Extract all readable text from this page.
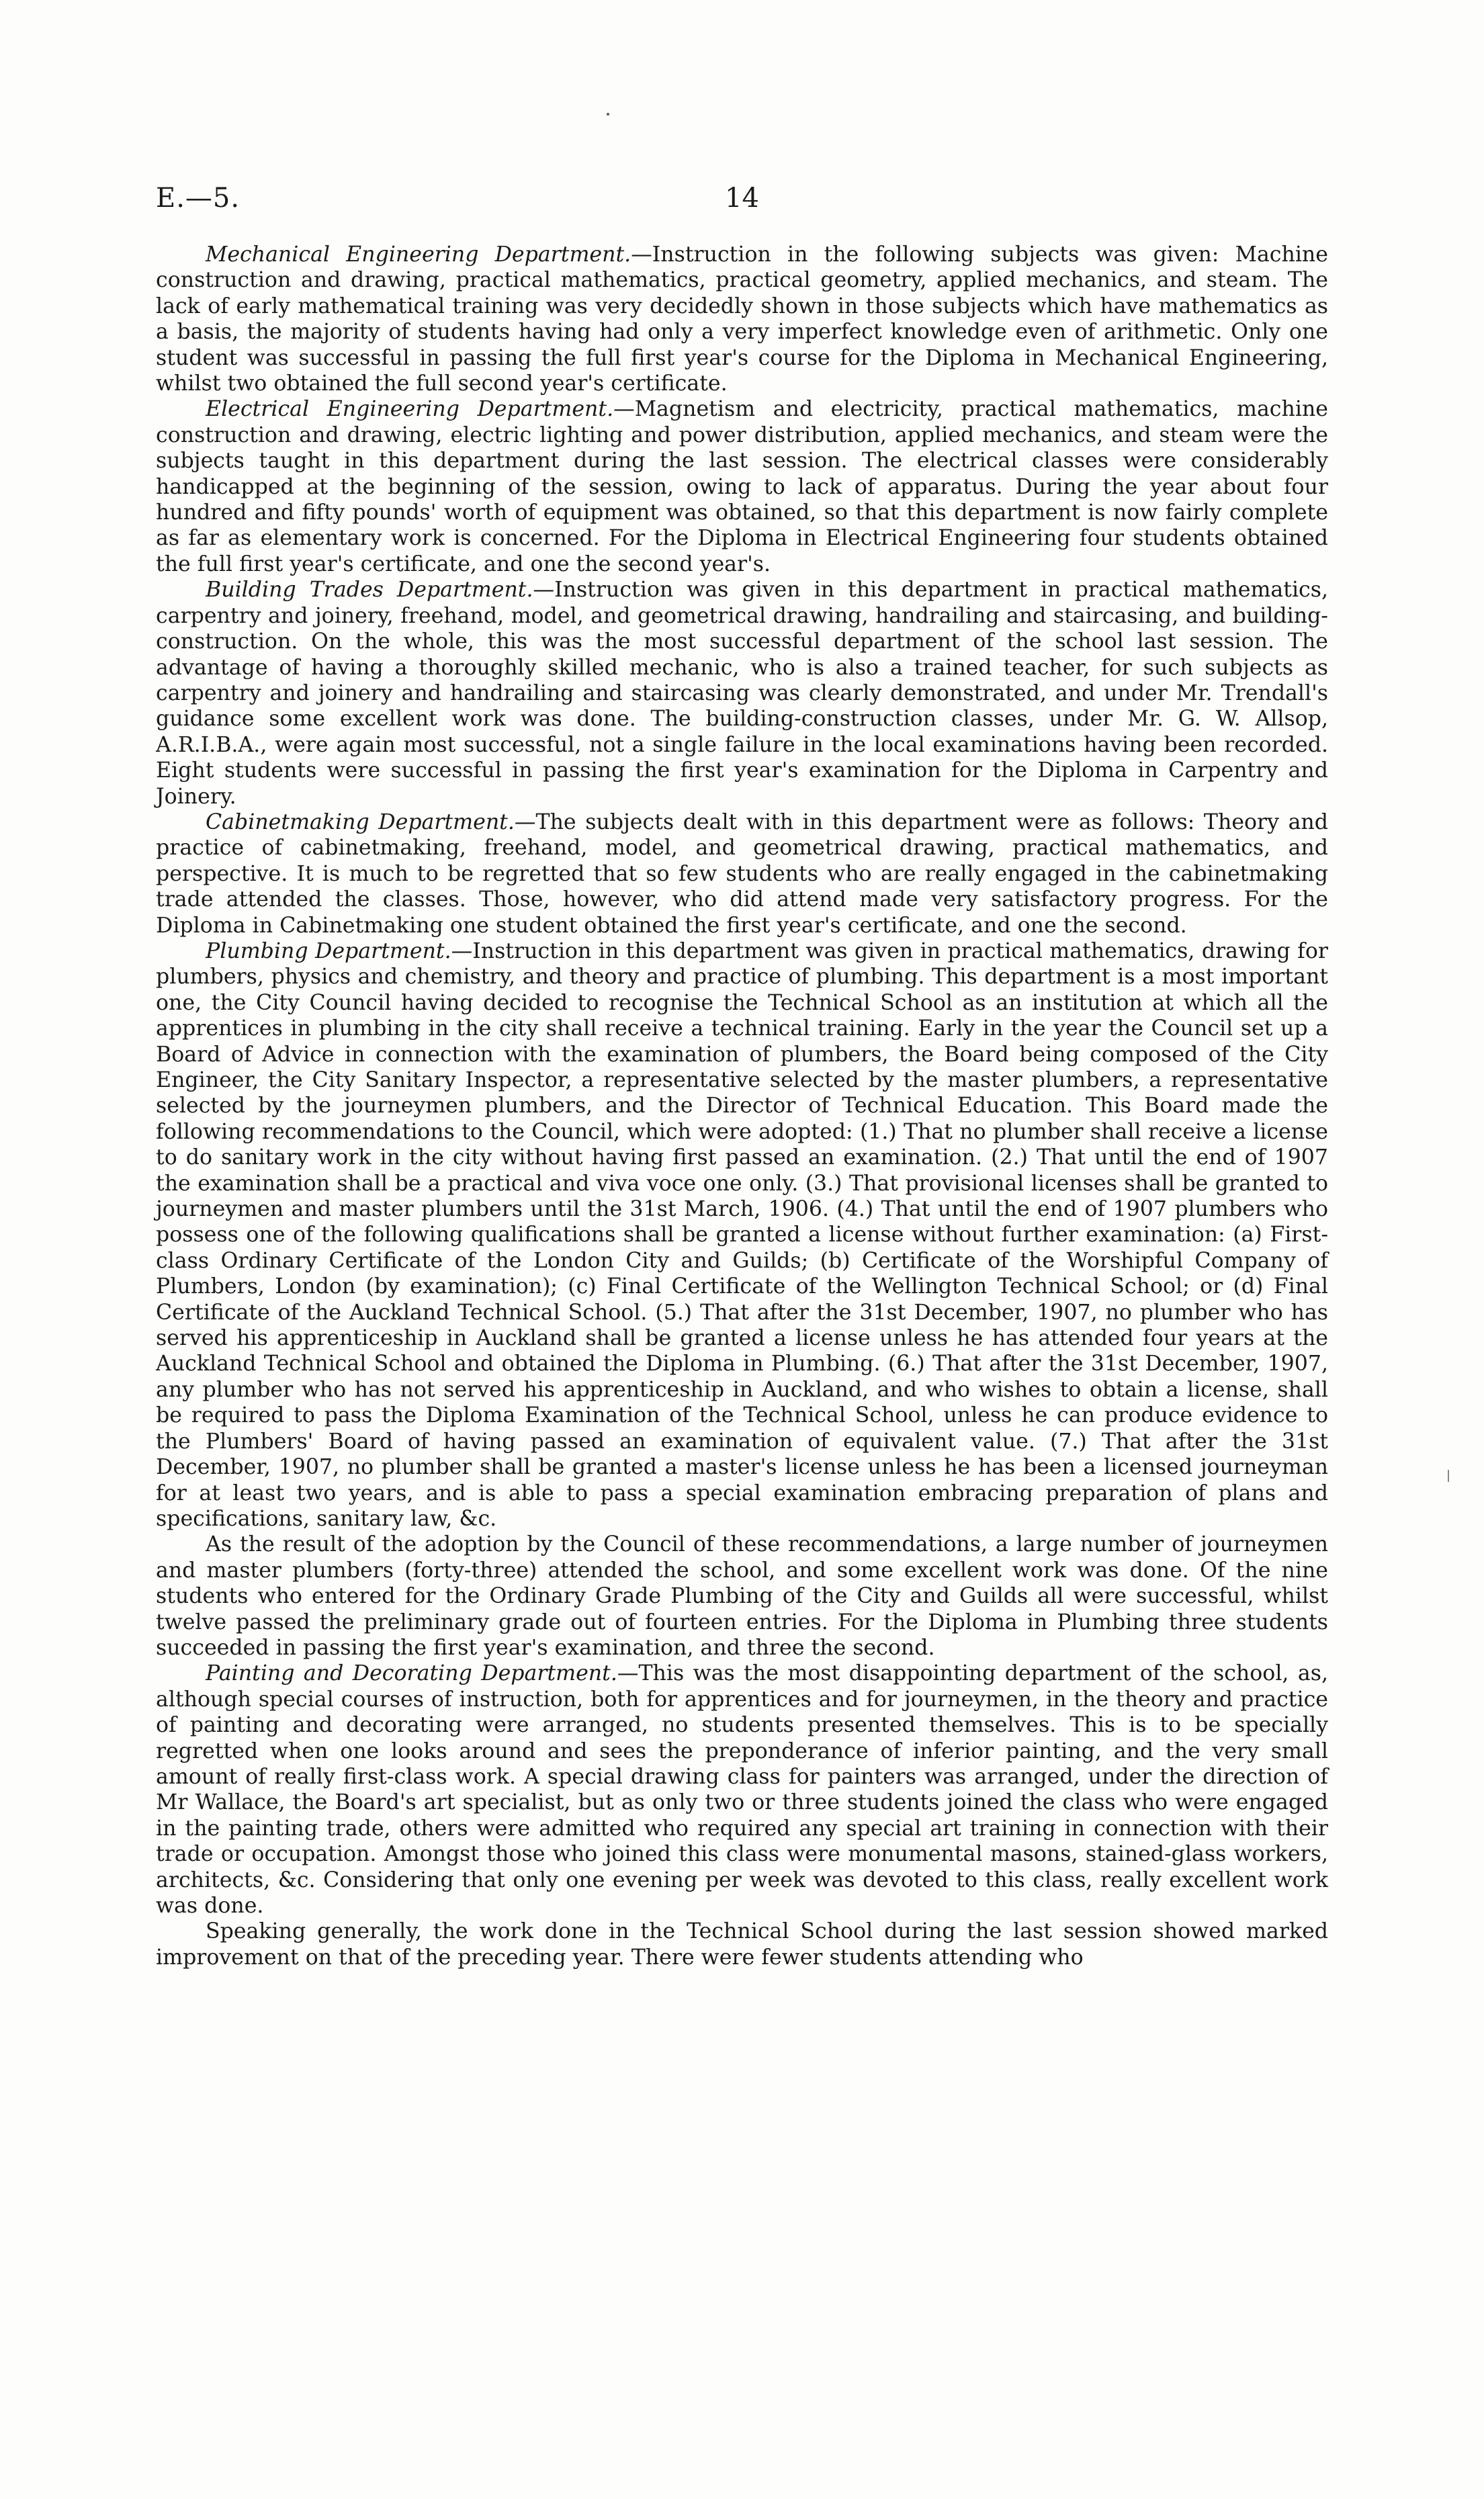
E.—5.	14

Mechanical Engineering Department.—Instruction in the following subjects was given: Machine construction and drawing, practical mathematics, practical geometry, applied mechanics, and steam. The lack of early mathematical training was very decidedly shown in those subjects which have mathematics as a basis, the majority of students having had only a very imperfect knowledge even of arithmetic. Only one student was successful in passing the full first year's course for the Diploma in Mechanical Engineering, whilst two obtained the full second year's certificate.

Electrical Engineering Department.—Magnetism and electricity, practical mathematics, machine construction and drawing, electric lighting and power distribution, applied mechanics, and steam were the subjects taught in this department during the last session. The electrical classes were considerably handicapped at the beginning of the session, owing to lack of apparatus. During the year about four hundred and fifty pounds' worth of equipment was obtained, so that this department is now fairly complete as far as elementary work is concerned. For the Diploma in Electrical Engineering four students obtained the full first year's certificate, and one the second year's.

Building Trades Department.—Instruction was given in this department in practical mathematics, carpentry and joinery, freehand, model, and geometrical drawing, handrailing and staircasing, and building-construction. On the whole, this was the most successful department of the school last session. The advantage of having a thoroughly skilled mechanic, who is also a trained teacher, for such subjects as carpentry and joinery and handrailing and staircasing was clearly demonstrated, and under Mr. Trendall's guidance some excellent work was done. The building-construction classes, under Mr. G. W. Allsop, A.R.I.B.A., were again most successful, not a single failure in the local examinations having been recorded. Eight students were successful in passing the first year's examination for the Diploma in Carpentry and Joinery.

Cabinetmaking Department.—The subjects dealt with in this department were as follows: Theory and practice of cabinetmaking, freehand, model, and geometrical drawing, practical mathematics, and perspective. It is much to be regretted that so few students who are really engaged in the cabinetmaking trade attended the classes. Those, however, who did attend made very satisfactory progress. For the Diploma in Cabinetmaking one student obtained the first year's certificate, and one the second.

Plumbing Department.—Instruction in this department was given in practical mathematics, drawing for plumbers, physics and chemistry, and theory and practice of plumbing. This department is a most important one, the City Council having decided to recognise the Technical School as an institution at which all the apprentices in plumbing in the city shall receive a technical training. Early in the year the Council set up a Board of Advice in connection with the examination of plumbers, the Board being composed of the City Engineer, the City Sanitary Inspector, a representative selected by the master plumbers, a representative selected by the journeymen plumbers, and the Director of Technical Education. This Board made the following recommendations to the Council, which were adopted: (1.) That no plumber shall receive a license to do sanitary work in the city without having first passed an examination. (2.) That until the end of 1907 the examination shall be a practical and viva voce one only. (3.) That provisional licenses shall be granted to journeymen and master plumbers until the 31st March, 1906. (4.) That until the end of 1907 plumbers who possess one of the following qualifications shall be granted a license without further examination: (a) First-class Ordinary Certificate of the London City and Guilds; (b) Certificate of the Worshipful Company of Plumbers, London (by examination); (c) Final Certificate of the Wellington Technical School; or (d) Final Certificate of the Auckland Technical School. (5.) That after the 31st December, 1907, no plumber who has served his apprenticeship in Auckland shall be granted a license unless he has attended four years at the Auckland Technical School and obtained the Diploma in Plumbing. (6.) That after the 31st December, 1907, any plumber who has not served his apprenticeship in Auckland, and who wishes to obtain a license, shall be required to pass the Diploma Examination of the Technical School, unless he can produce evidence to the Plumbers' Board of having passed an examination of equivalent value. (7.) That after the 31st December, 1907, no plumber shall be granted a master's license unless he has been a licensed journeyman for at least two years, and is able to pass a special examination embracing preparation of plans and specifications, sanitary law, &c.

As the result of the adoption by the Council of these recommendations, a large number of journeymen and master plumbers (forty-three) attended the school, and some excellent work was done. Of the nine students who entered for the Ordinary Grade Plumbing of the City and Guilds all were successful, whilst twelve passed the preliminary grade out of fourteen entries. For the Diploma in Plumbing three students succeeded in passing the first year's examination, and three the second.

Painting and Decorating Department.—This was the most disappointing department of the school, as, although special courses of instruction, both for apprentices and for journeymen, in the theory and practice of painting and decorating were arranged, no students presented themselves. This is to be specially regretted when one looks around and sees the preponderance of inferior painting, and the very small amount of really first-class work. A special drawing class for painters was arranged, under the direction of Mr Wallace, the Board's art specialist, but as only two or three students joined the class who were engaged in the painting trade, others were admitted who required any special art training in connection with their trade or occupation. Amongst those who joined this class were monumental masons, stained-glass workers, architects, &c. Considering that only one evening per week was devoted to this class, really excellent work was done.

Speaking generally, the work done in the Technical School during the last session showed marked improvement on that of the preceding year. There were fewer students attending who
